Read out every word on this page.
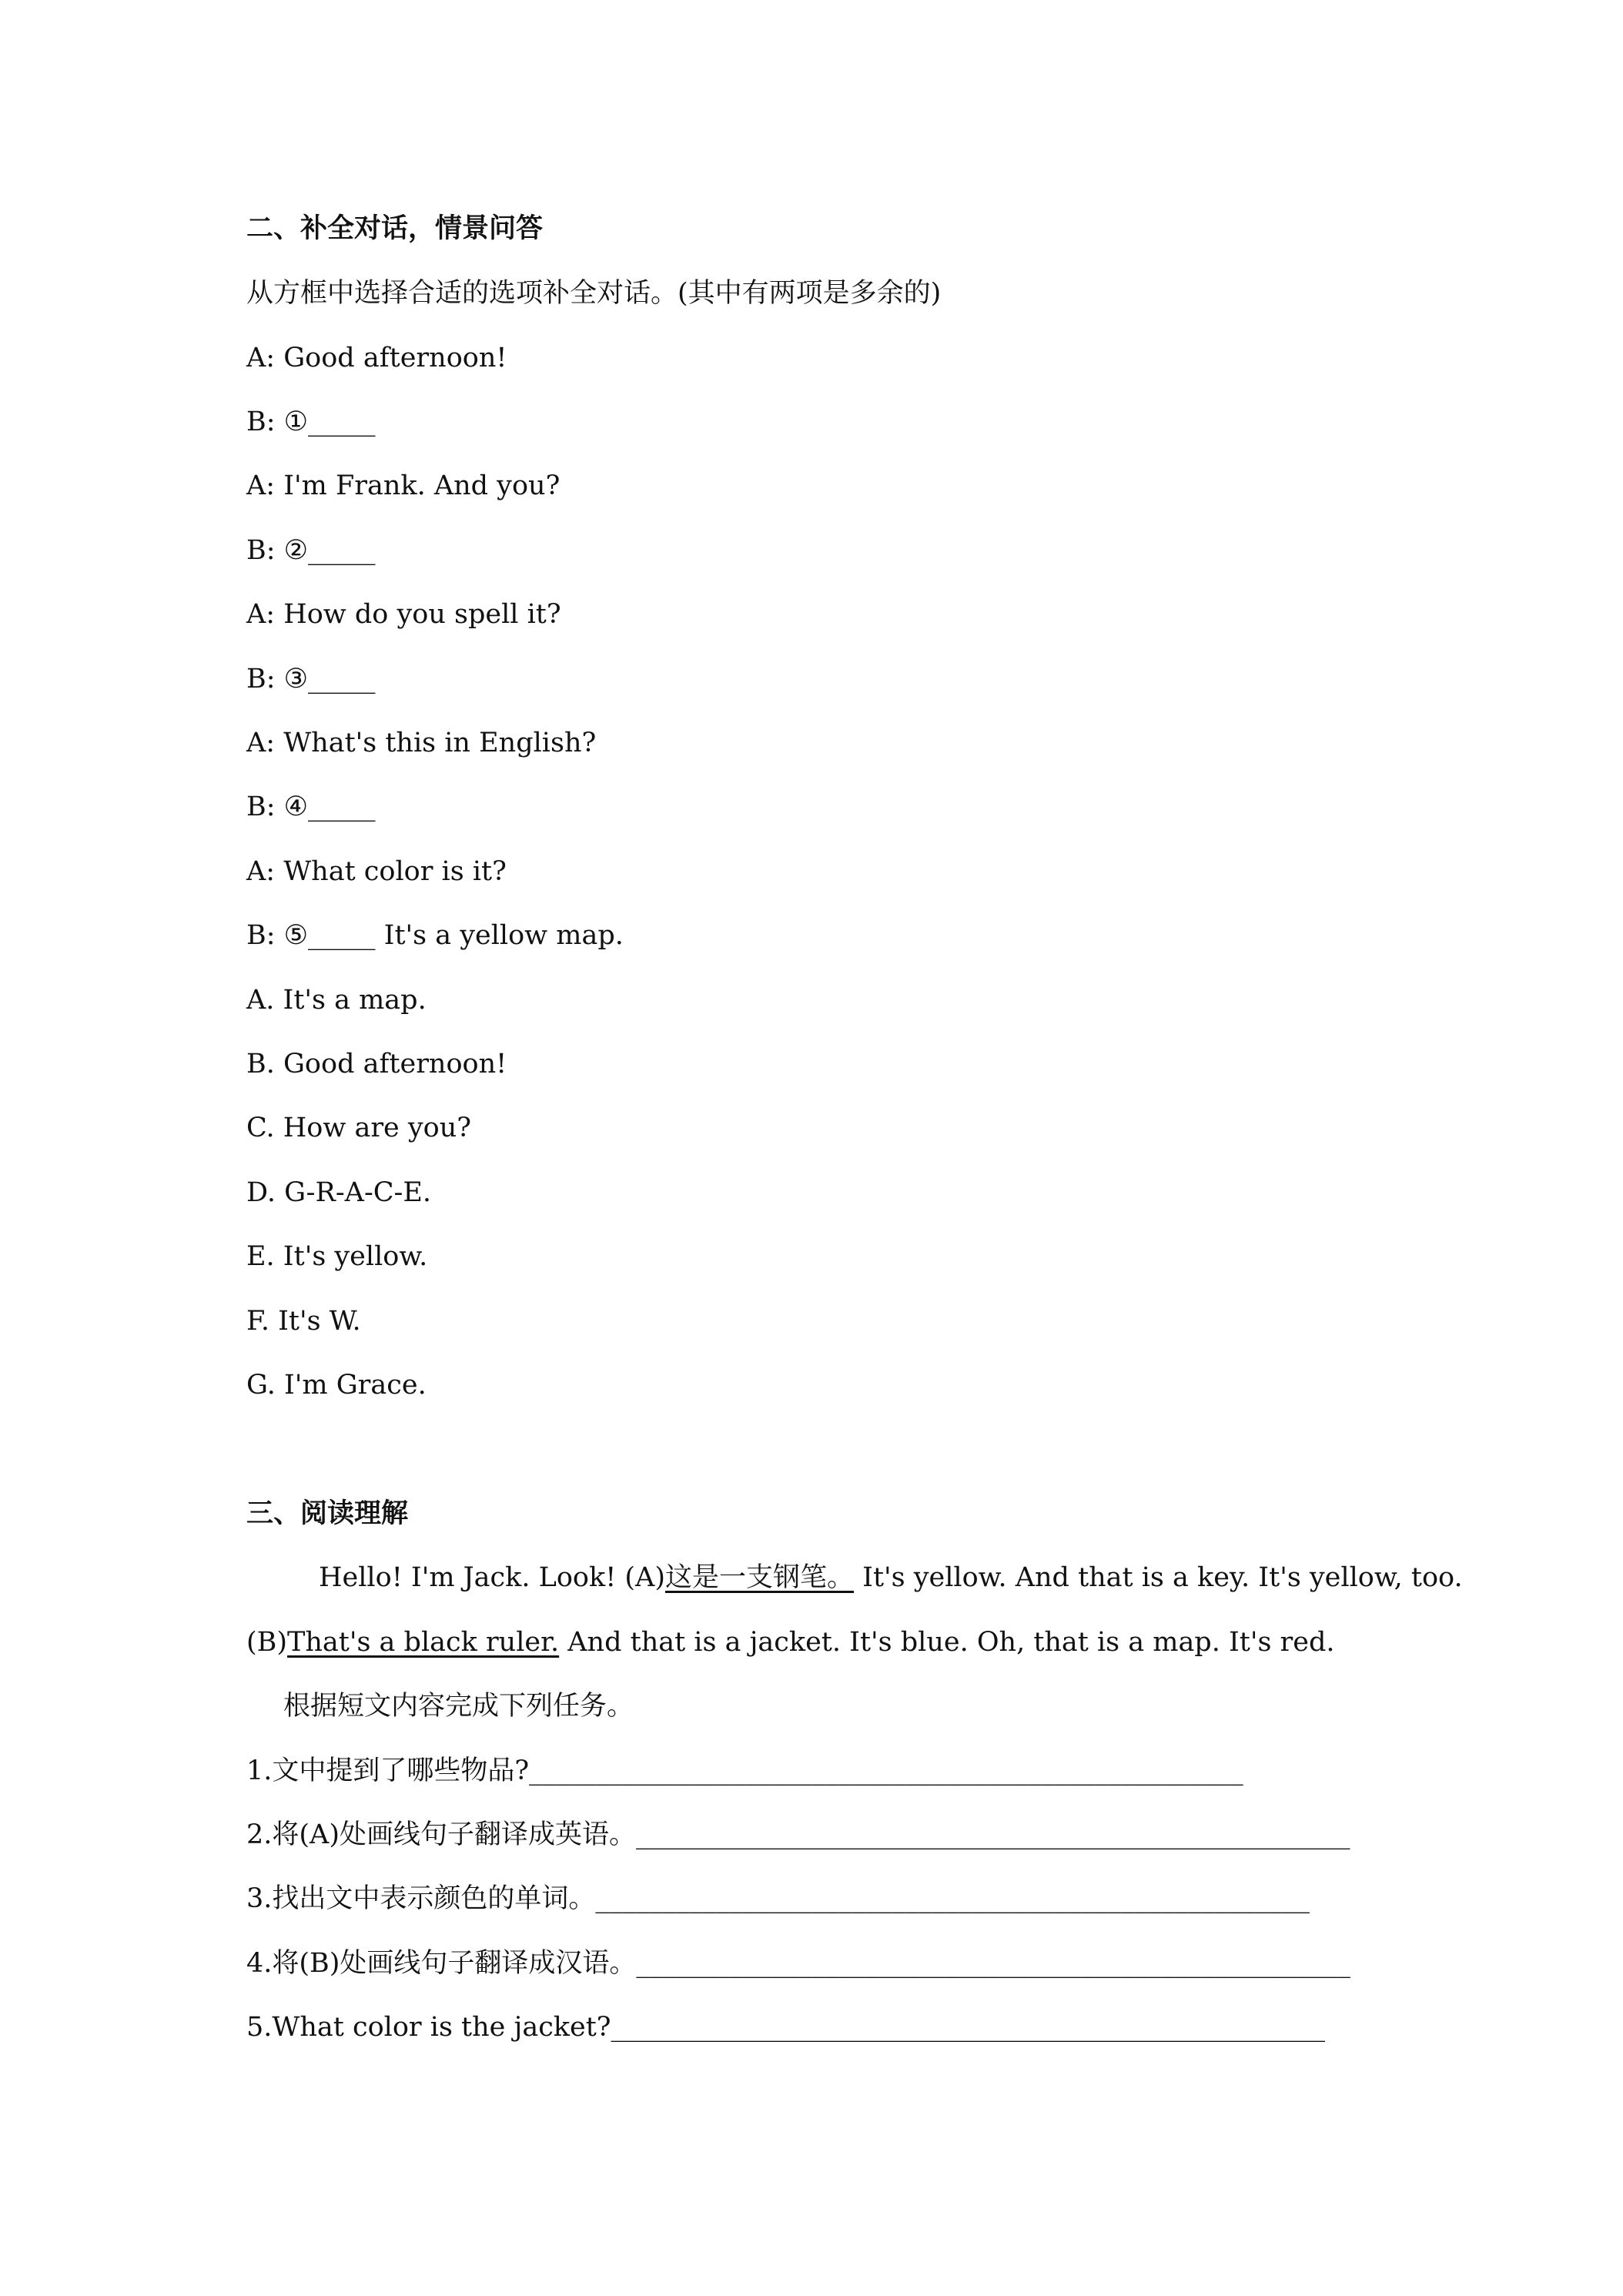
二、补全对话，情景问答
从方框中选择合适的选项补全对话。(其中有两项是多余的)
A: Good afternoon!
B: ①_____
A: I'm Frank. And you?
B: ②_____
A: How do you spell it?
B: ③_____
A: What's this in English?
B: ④_____
A: What color is it?
B: ⑤_____ It's a yellow map.
A. It's a map.
B. Good afternoon!
C. How are you?
D. G-R-A-C-E.
E. It's yellow.
F. It's W.
G. I'm Grace.
三、阅读理解
Hello! I'm Jack. Look! (A)这是一支钢笔。 It's yellow. And that is a key. It's yellow, too.
(B)That's a black ruler. And that is a jacket. It's blue. Oh, that is a map. It's red.
根据短文内容完成下列任务。
1.文中提到了哪些物品?_____________________________________________________
2.将(A)处画线句子翻译成英语。_____________________________________________________
3.找出文中表示颜色的单词。_____________________________________________________
4.将(B)处画线句子翻译成汉语。_____________________________________________________
5.What color is the jacket?_____________________________________________________
